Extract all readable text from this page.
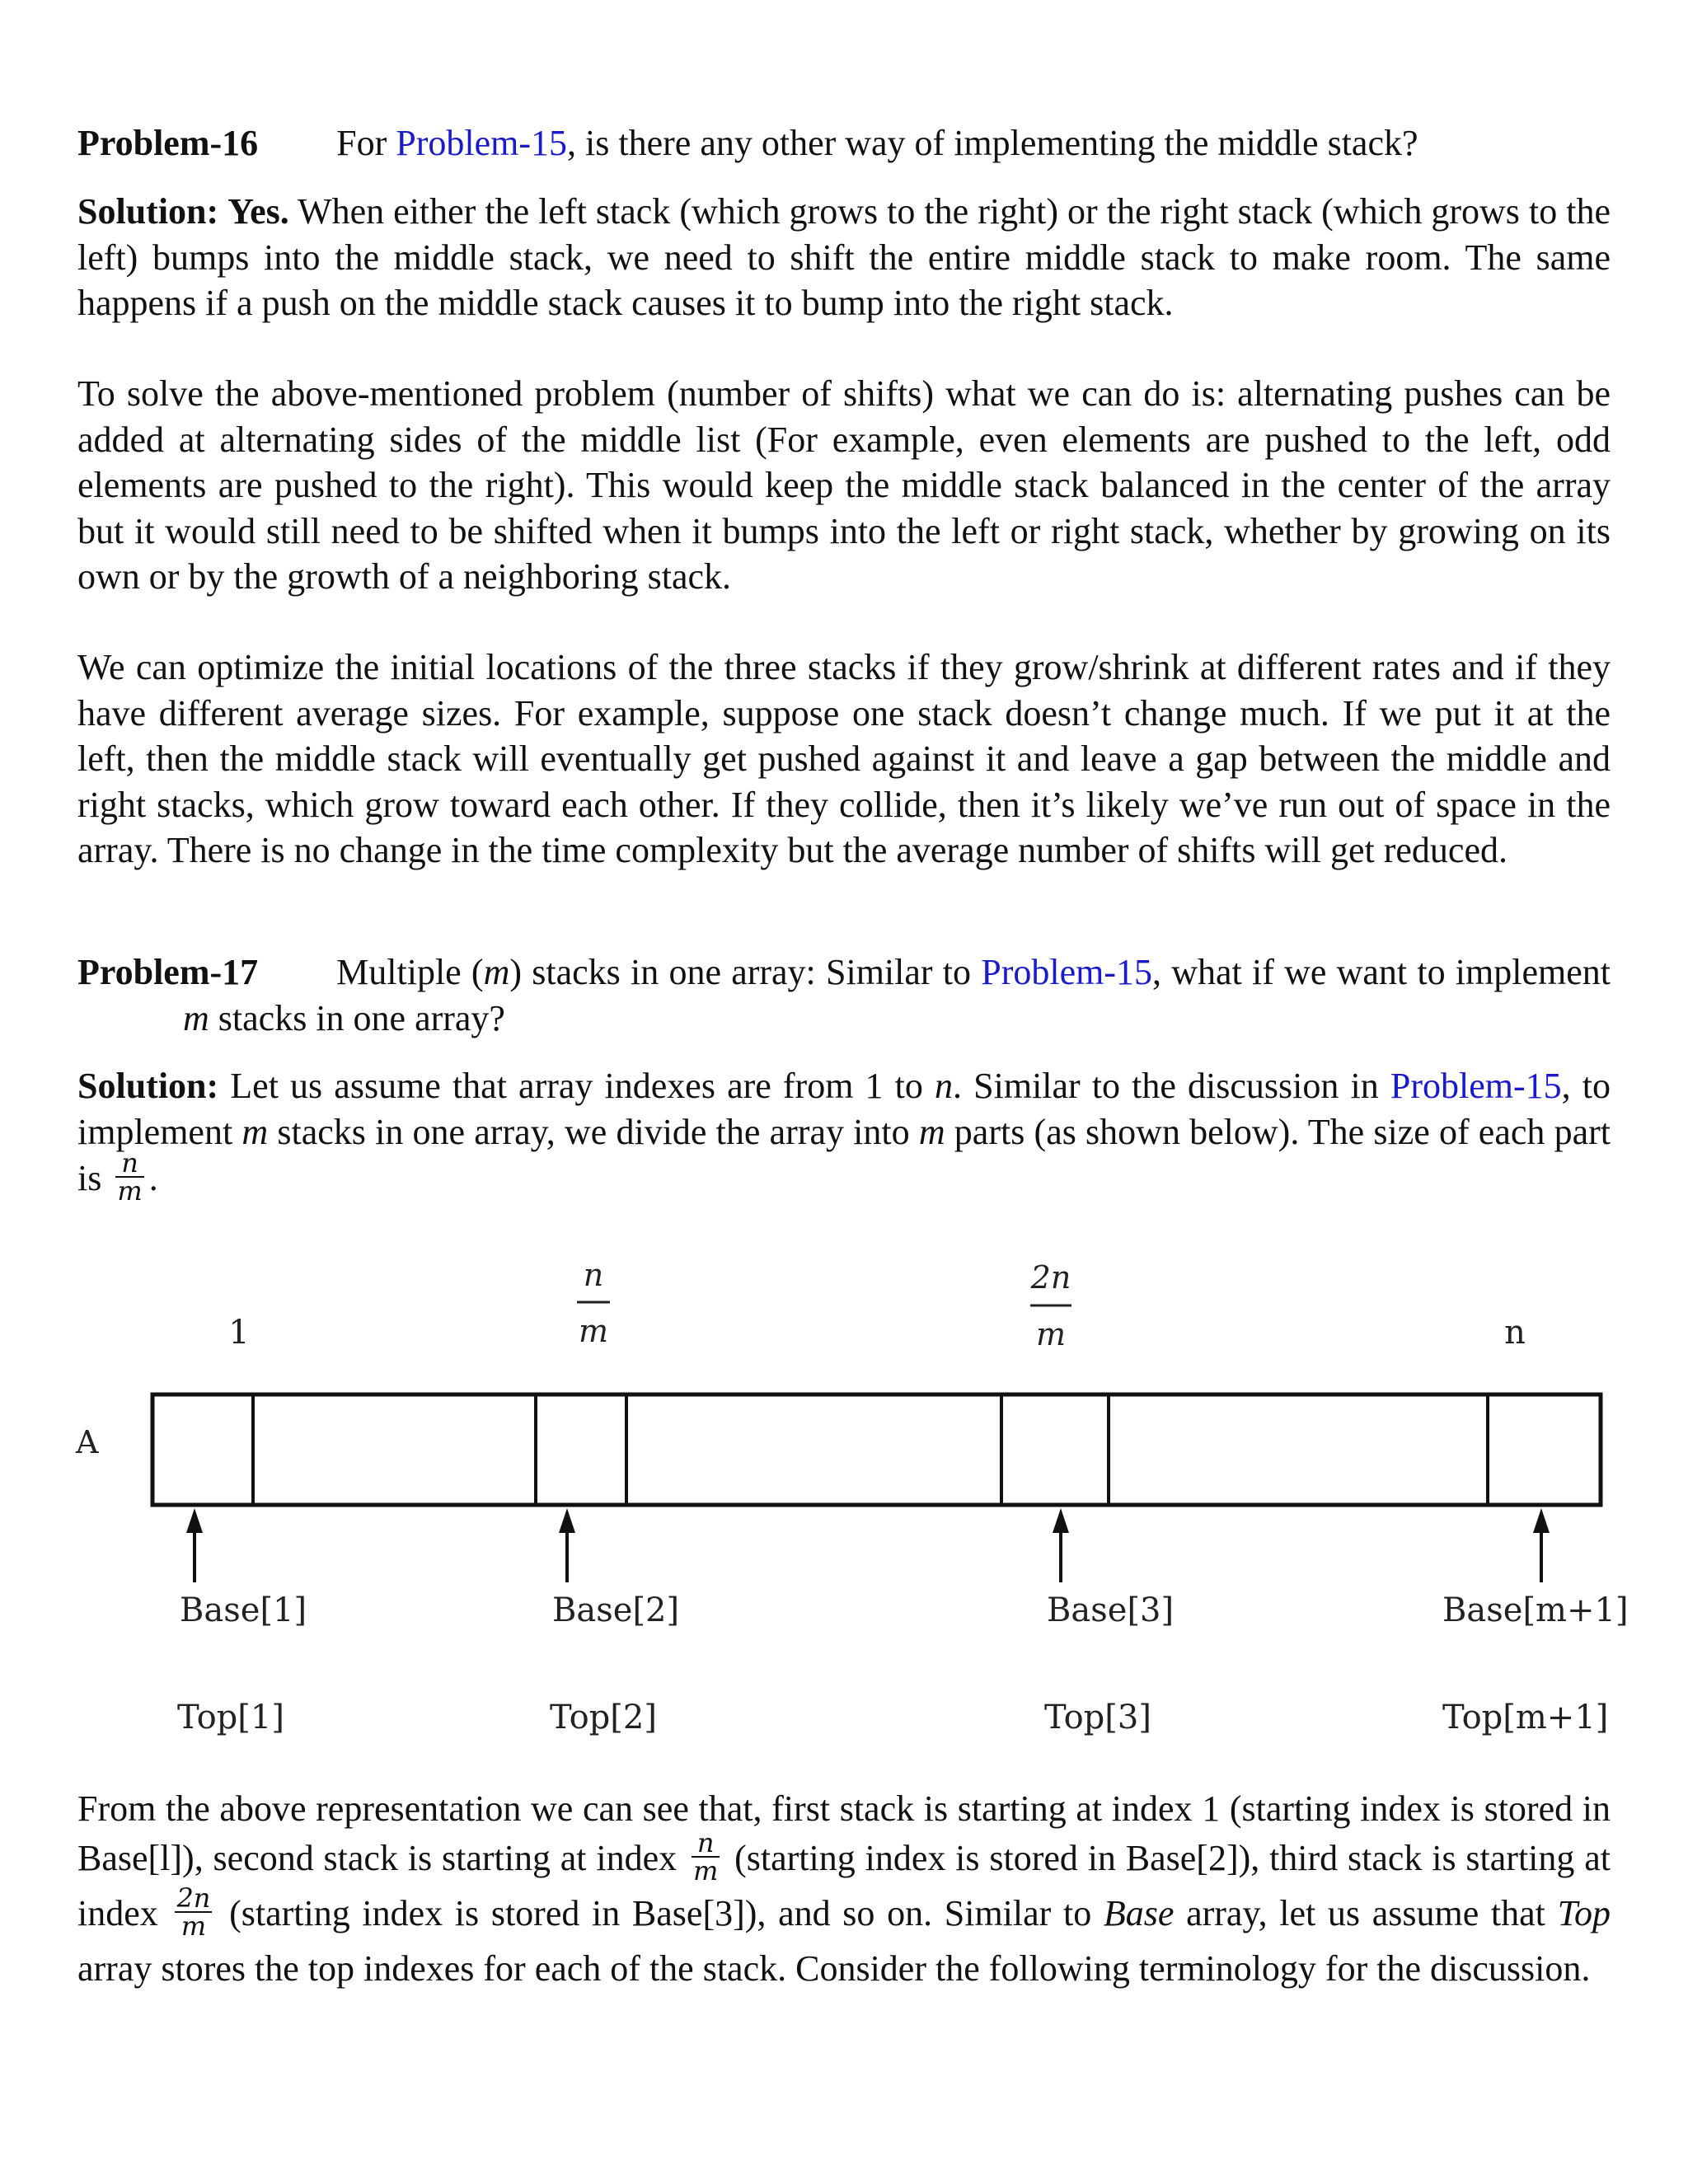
Problem-16 For Problem-15, is there any other way of implementing the middle stack?

Solution: Yes. When either the left stack (which grows to the right) or the right stack (which grows to the left) bumps into the middle stack, we need to shift the entire middle stack to make room. The same happens if a push on the middle stack causes it to bump into the right stack.

To solve the above-mentioned problem (number of shifts) what we can do is: alternating pushes can be added at alternating sides of the middle list (For example, even elements are pushed to the left, odd elements are pushed to the right). This would keep the middle stack balanced in the center of the array but it would still need to be shifted when it bumps into the left or right stack, whether by growing on its own or by the growth of a neighboring stack.

We can optimize the initial locations of the three stacks if they grow/shrink at different rates and if they have different average sizes. For example, suppose one stack doesn’t change much. If we put it at the left, then the middle stack will eventually get pushed against it and leave a gap between the middle and right stacks, which grow toward each other. If they collide, then it’s likely we’ve run out of space in the array. There is no change in the time complexity but the average number of shifts will get reduced.

Problem-17 Multiple (m) stacks in one array: Similar to Problem-15, what if we want to implement m stacks in one array?

Solution: Let us assume that array indexes are from 1 to n. Similar to the discussion in Problem-15, to implement m stacks in one array, we divide the array into m parts (as shown below). The size of each part is $\frac{n}{m}$ .

A
1
n
m
2n
m	n
Base[1]	Base[2]	Base[3]	Base[m+1]
Top[1]	Top[2]	Top[3]	Top[m+1]

From the above representation we can see that, first stack is starting at index 1 (starting index is stored in Base[l]), second stack is starting at index $\frac{n}{m}$ (starting index is stored in Base[2]), third stack is starting at index $\frac{2n}{m}$ (starting index is stored in Base[3]), and so on. Similar to Base array, let us assume that Top array stores the top indexes for each of the stack. Consider the following terminology for the discussion.
